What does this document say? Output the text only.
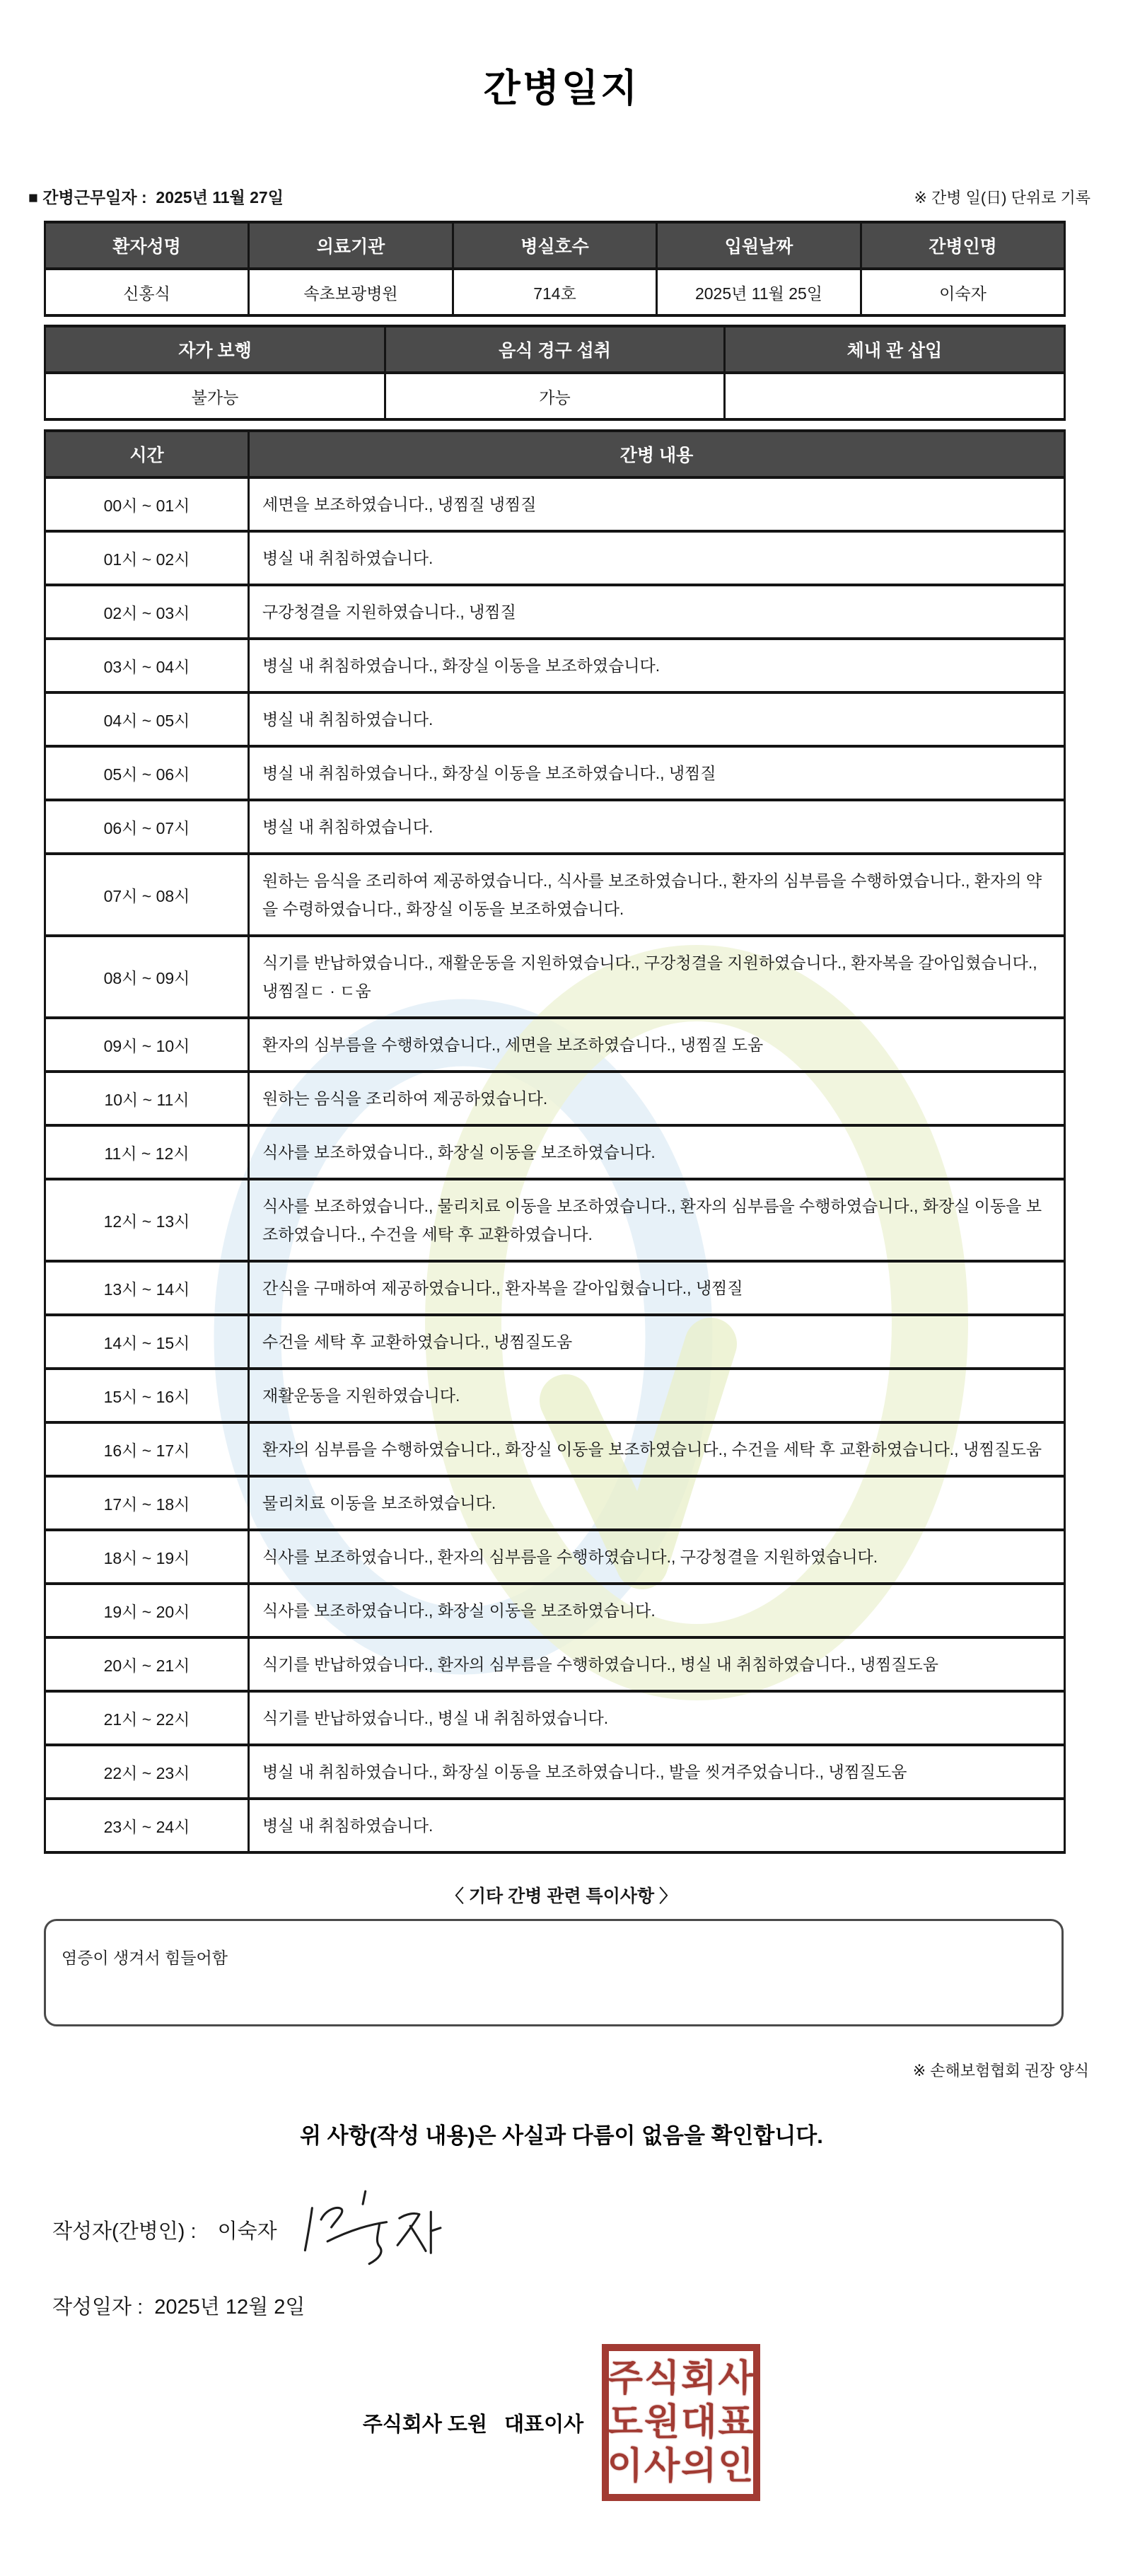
간병일지
■ 간병근무일자 :  2025년 11월 27일	※ 간병 일(日) 단위로 기록
환자성명	의료기관	병실호수	입원날짜	간병인명
신홍식	속초보광병원	714호	2025년 11월 25일	이숙자
자가 보행	음식 경구 섭취	체내 관 삽입
불가능	가능	
시간	간병 내용
00시 ~ 01시	세면을 보조하였습니다., 냉찜질 냉찜질
01시 ~ 02시	병실 내 취침하였습니다.
02시 ~ 03시	구강청결을 지원하였습니다., 냉찜질
03시 ~ 04시	병실 내 취침하였습니다., 화장실 이동을 보조하였습니다.
04시 ~ 05시	병실 내 취침하였습니다.
05시 ~ 06시	병실 내 취침하였습니다., 화장실 이동을 보조하였습니다., 냉찜질
06시 ~ 07시	병실 내 취침하였습니다.
07시 ~ 08시	원하는 음식을 조리하여 제공하였습니다., 식사를 보조하였습니다., 환자의 심부름을 수행하였습니다., 환자의 약을 수령하였습니다., 화장실 이동을 보조하였습니다.
08시 ~ 09시	식기를 반납하였습니다., 재활운동을 지원하였습니다., 구강청결을 지원하였습니다., 환자복을 갈아입혔습니다., 냉찜질ㄷ · ㄷ움
09시 ~ 10시	환자의 심부름을 수행하였습니다., 세면을 보조하였습니다., 냉찜질 도움
10시 ~ 11시	원하는 음식을 조리하여 제공하였습니다.
11시 ~ 12시	식사를 보조하였습니다., 화장실 이동을 보조하였습니다.
12시 ~ 13시	식사를 보조하였습니다., 물리치료 이동을 보조하였습니다., 환자의 심부름을 수행하였습니다., 화장실 이동을 보조하였습니다., 수건을 세탁 후 교환하였습니다.
13시 ~ 14시	간식을 구매하여 제공하였습니다., 환자복을 갈아입혔습니다., 냉찜질
14시 ~ 15시	수건을 세탁 후 교환하였습니다., 냉찜질도움
15시 ~ 16시	재활운동을 지원하였습니다.
16시 ~ 17시	환자의 심부름을 수행하였습니다., 화장실 이동을 보조하였습니다., 수건을 세탁 후 교환하였습니다., 냉찜질도움
17시 ~ 18시	물리치료 이동을 보조하였습니다.
18시 ~ 19시	식사를 보조하였습니다., 환자의 심부름을 수행하였습니다., 구강청결을 지원하였습니다.
19시 ~ 20시	식사를 보조하였습니다., 화장실 이동을 보조하였습니다.
20시 ~ 21시	식기를 반납하였습니다., 환자의 심부름을 수행하였습니다., 병실 내 취침하였습니다., 냉찜질도움
21시 ~ 22시	식기를 반납하였습니다., 병실 내 취침하였습니다.
22시 ~ 23시	병실 내 취침하였습니다., 화장실 이동을 보조하였습니다., 발을 씻겨주었습니다., 냉찜질도움
23시 ~ 24시	병실 내 취침하였습니다.
〈 기타 간병 관련 특이사항 〉
염증이 생겨서 힘들어함
※ 손해보험협회 권장 양식
위 사항(작성 내용)은 사실과 다름이 없음을 확인합니다.
작성자(간병인) : 이숙자
작성일자 :  2025년 12월 2일
주식회사 도원   대표이사
주식회사
도원대표
이사의인
